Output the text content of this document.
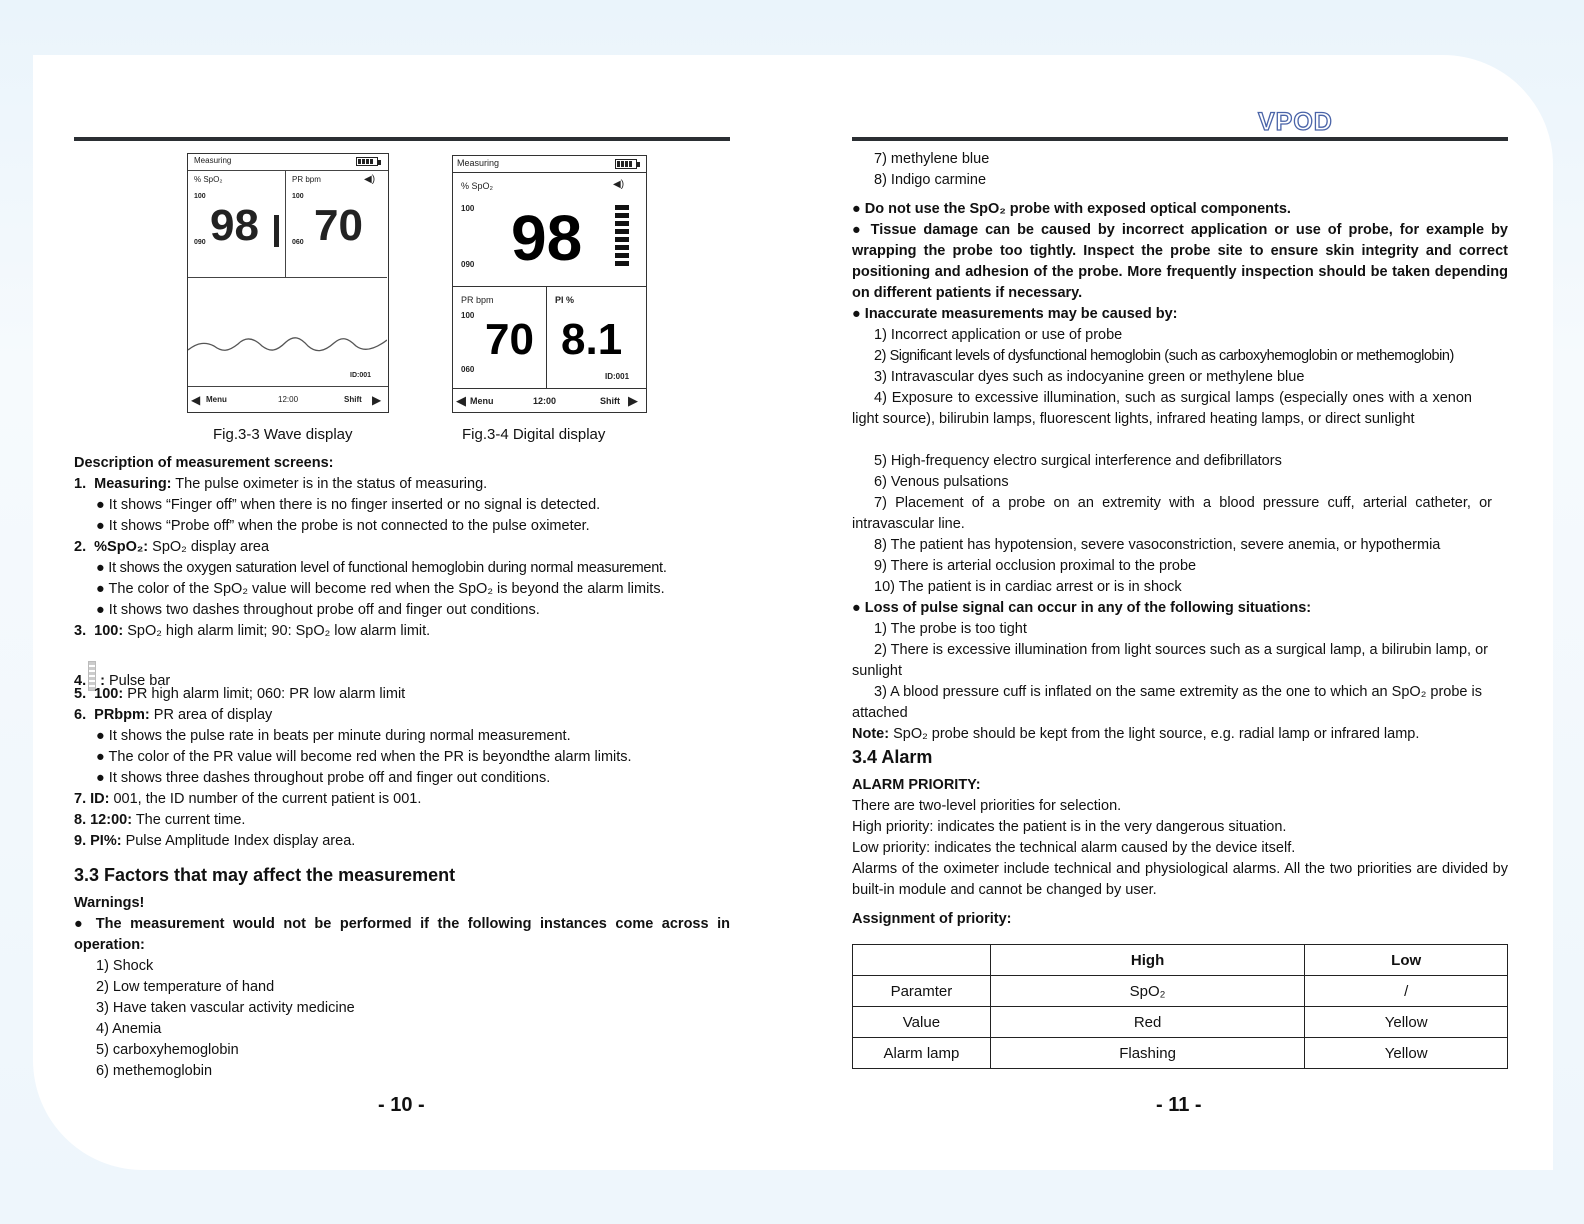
VPOD
Measuring
% SpO₂
100
090 98
PR bpm	◀)
100
060 70
ID:001
◀ Menu	12:00	Shift ▶
Measuring
% SpO₂	◀)
100
090 98
PR bpm
100
060
70
PI %
8.1
ID:001
◀ Menu	12:00	Shift ▶
Fig.3-3 Wave display	Fig.3-4 Digital display
Description of measurement screens:
1. Measuring: The pulse oximeter is in the status of measuring.
● It shows “Finger off” when there is no finger inserted or no signal is detected.
● It shows “Probe off” when the probe is not connected to the pulse oximeter.
2. %SpO₂: SpO₂ display area
● It shows the oxygen saturation level of functional hemoglobin during normal measurement.
● The color of the SpO₂ value will become red when the SpO₂ is beyond the alarm limits.
● It shows two dashes throughout probe off and finger out conditions.
3. 100: SpO₂ high alarm limit; 90: SpO₂ low alarm limit.
4. : Pulse bar
5. 100: PR high alarm limit; 060: PR low alarm limit
6. PRbpm: PR area of display
● It shows the pulse rate in beats per minute during normal measurement.
● The color of the PR value will become red when the PR is beyondthe alarm limits.
● It shows three dashes throughout probe off and finger out conditions.
7. ID: 001, the ID number of the current patient is 001.
8. 12:00: The current time.
9. PI%: Pulse Amplitude Index display area.
3.3 Factors that may affect the measurement
Warnings!
● The measurement would not be performed if the following instances come across in operation:
1) Shock
2) Low temperature of hand
3) Have taken vascular activity medicine
4) Anemia
5) carboxyhemoglobin
6) methemoglobin
- 10 -
7) methylene blue
8) Indigo carmine
● Do not use the SpO₂ probe with exposed optical components.
● Tissue damage can be caused by incorrect application or use of probe, for example by wrapping the probe too tightly. Inspect the probe site to ensure skin integrity and correct positioning and adhesion of the probe. More frequently inspection should be taken depending on different patients if necessary.
● Inaccurate measurements may be caused by:
1) Incorrect application or use of probe
2) Significant levels of dysfunctional hemoglobin (such as carboxyhemoglobin or methemoglobin)
3) Intravascular dyes such as indocyanine green or methylene blue
4) Exposure to excessive illumination, such as surgical lamps (especially ones with a xenon light source), bilirubin lamps, fluorescent lights, infrared heating lamps, or direct sunlight
5) High-frequency electro surgical interference and defibrillators
6) Venous pulsations
7) Placement of a probe on an extremity with a blood pressure cuff, arterial catheter, or intravascular line.
8) The patient has hypotension, severe vasoconstriction, severe anemia, or hypothermia
9) There is arterial occlusion proximal to the probe
10) The patient is in cardiac arrest or is in shock
● Loss of pulse signal can occur in any of the following situations:
1) The probe is too tight
2) There is excessive illumination from light sources such as a surgical lamp, a bilirubin lamp, or sunlight
3) A blood pressure cuff is inflated on the same extremity as the one to which an SpO₂ probe is attached
Note: SpO₂ probe should be kept from the light source, e.g. radial lamp or infrared lamp.
3.4 Alarm
ALARM PRIORITY:
There are two-level priorities for selection.
High priority: indicates the patient is in the very dangerous situation.
Low priority: indicates the technical alarm caused by the device itself.
Alarms of the oximeter include technical and physiological alarms. All the two priorities are divided by built-in module and cannot be changed by user.
Assignment of priority:
	High	Low
Paramter	SpO₂	/
Value	Red	Yellow
Alarm lamp	Flashing	Yellow
- 11 -
